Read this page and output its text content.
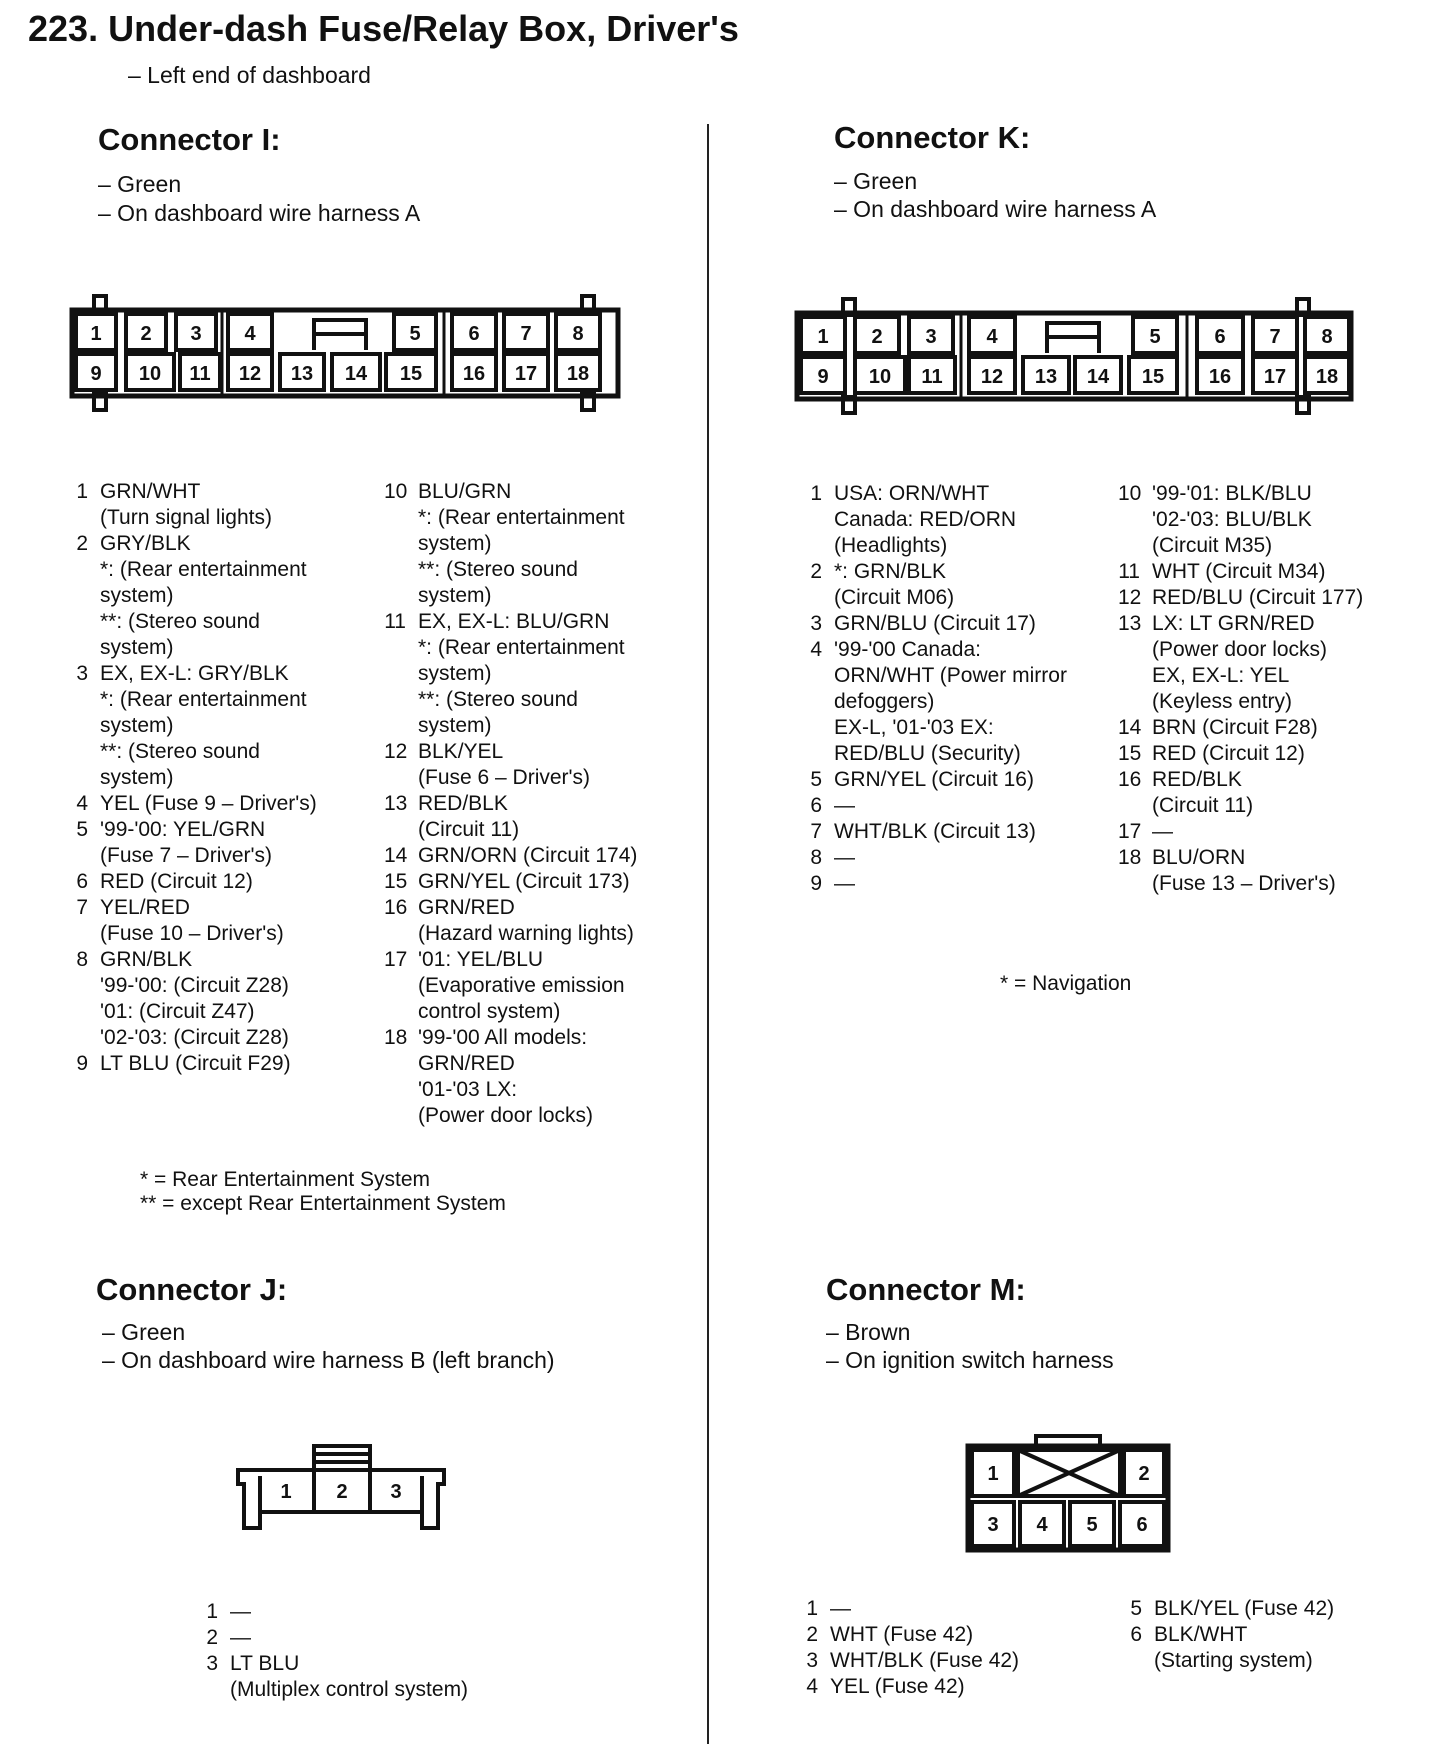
223. Under-dash Fuse/Relay Box, Driver's
– Left end of dashboard
Connector I:
– Green
– On dashboard wire harness A
1 2 3 4	5 6 7 8
9 10 11 12 13 14 15 16 17 18
1 GRN/WHT
(Turn signal lights)
2 GRY/BLK
*: (Rear entertainment
system)
**: (Stereo sound
system)
3 EX, EX-L: GRY/BLK
*: (Rear entertainment
system)
**: (Stereo sound
system)
4 YEL (Fuse 9 – Driver's)
5 '99-'00: YEL/GRN
(Fuse 7 – Driver's)
6 RED (Circuit 12)
7 YEL/RED
(Fuse 10 – Driver's)
8 GRN/BLK
'99-'00: (Circuit Z28)
'01: (Circuit Z47)
'02-'03: (Circuit Z28)
9 LT BLU (Circuit F29)
10 BLU/GRN
*: (Rear entertainment
system)
**: (Stereo sound
system)
11 EX, EX-L: BLU/GRN
*: (Rear entertainment
system)
**: (Stereo sound
system)
12 BLK/YEL
(Fuse 6 – Driver's)
13 RED/BLK
(Circuit 11)
14 GRN/ORN (Circuit 174)
15 GRN/YEL (Circuit 173)
16 GRN/RED
(Hazard warning lights)
17 '01: YEL/BLU
(Evaporative emission
control system)
18 '99-'00 All models:
GRN/RED
'01-'03 LX:
(Power door locks)
* = Rear Entertainment System
** = except Rear Entertainment System
Connector K:
– Green
– On dashboard wire harness A
1 2 3 4	5	6 7 8
9 10 11 12 13 14 15 16 17 18
1 USA: ORN/WHT
Canada: RED/ORN
(Headlights)
2 *: GRN/BLK
(Circuit M06)
3 GRN/BLU (Circuit 17)
4 '99-'00 Canada:
ORN/WHT (Power mirror
defoggers)
EX-L, '01-'03 EX:
RED/BLU (Security)
5 GRN/YEL (Circuit 16)
6 —
7 WHT/BLK (Circuit 13)
8 —
9 —
10 '99-'01: BLK/BLU
'02-'03: BLU/BLK
(Circuit M35)
11 WHT (Circuit M34)
12 RED/BLU (Circuit 177)
13 LX: LT GRN/RED
(Power door locks)
EX, EX-L: YEL
(Keyless entry)
14 BRN (Circuit F28)
15 RED (Circuit 12)
16 RED/BLK
(Circuit 11)
17 —
18 BLU/ORN
(Fuse 13 – Driver's)
* = Navigation
Connector J:
– Green
– On dashboard wire harness B (left branch)
1 2 3
1 —
2 —
3 LT BLU
(Multiplex control system)
Connector M:
– Brown
– On ignition switch harness
1	2
3 4 5 6
1 —
2 WHT (Fuse 42)
3 WHT/BLK (Fuse 42)
4 YEL (Fuse 42)
5 BLK/YEL (Fuse 42)
6 BLK/WHT
(Starting system)
